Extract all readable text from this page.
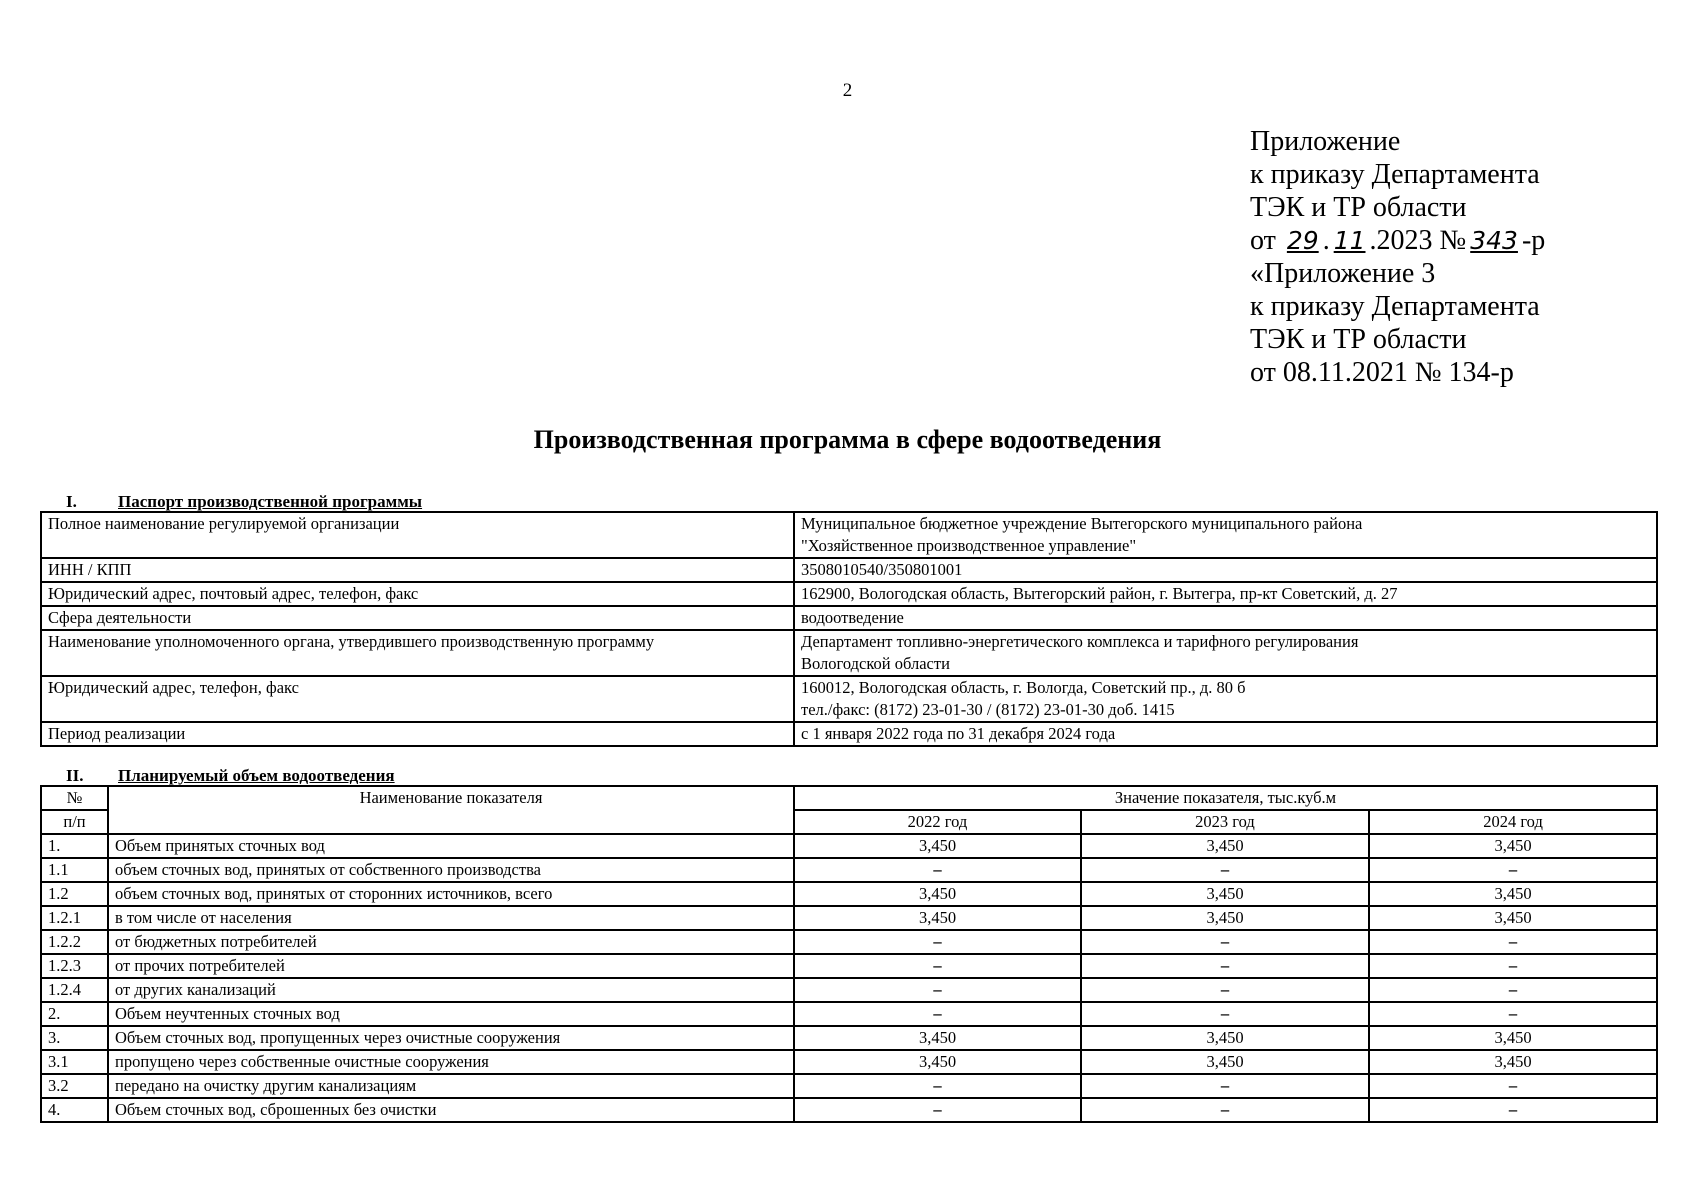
2
Приложение
к приказу Департамента
ТЭК и ТР области
от 29 . 11 .2023 № 343 -р
«Приложение 3
к приказу Департамента
ТЭК и ТР области
от 08.11.2021 № 134-р
Производственная программа в сфере водоотведения
I. Паспорт производственной программы
Полное наименование регулируемой организации	Муниципальное бюджетное учреждение Вытегорского муниципального района
"Хозяйственное производственное управление"

ИНН / КПП	3508010540/350801001

Юридический адрес, почтовый адрес, телефон, факс	162900, Вологодская область, Вытегорский район, г. Вытегра, пр-кт Советский, д. 27

Сфера деятельности	водоотведение

Наименование уполномоченного органа, утвердившего производственную программу	Департамент топливно-энергетического комплекса и тарифного регулирования
Вологодской области

Юридический адрес, телефон, факс	160012, Вологодская область, г. Вологда, Советский пр., д. 80 б
тел./факс: (8172) 23-01-30 / (8172) 23-01-30 доб. 1415

Период реализации	с 1 января 2022 года по 31 декабря 2024 года
II. Планируемый объем водоотведения
№	Наименование показателя	Значение показателя, тыс.куб.м		
п/п		2022 год	2023 год	2024 год
1.	Объем принятых сточных вод	3,450	3,450	3,450
1.1	объем сточных вод, принятых от собственного производства	–	–	–
1.2	объем сточных вод, принятых от сторонних источников, всего	3,450	3,450	3,450
1.2.1	в том числе от населения	3,450	3,450	3,450
1.2.2	от бюджетных потребителей	–	–	–
1.2.3	от прочих потребителей	–	–	–
1.2.4	от других канализаций	–	–	–
2.	Объем неучтенных сточных вод	–	–	–
3.	Объем сточных вод, пропущенных через очистные сооружения	3,450	3,450	3,450
3.1	пропущено через собственные очистные сооружения	3,450	3,450	3,450
3.2	передано на очистку другим канализациям	–	–	–
4.	Объем сточных вод, сброшенных без очистки	–	–	–
